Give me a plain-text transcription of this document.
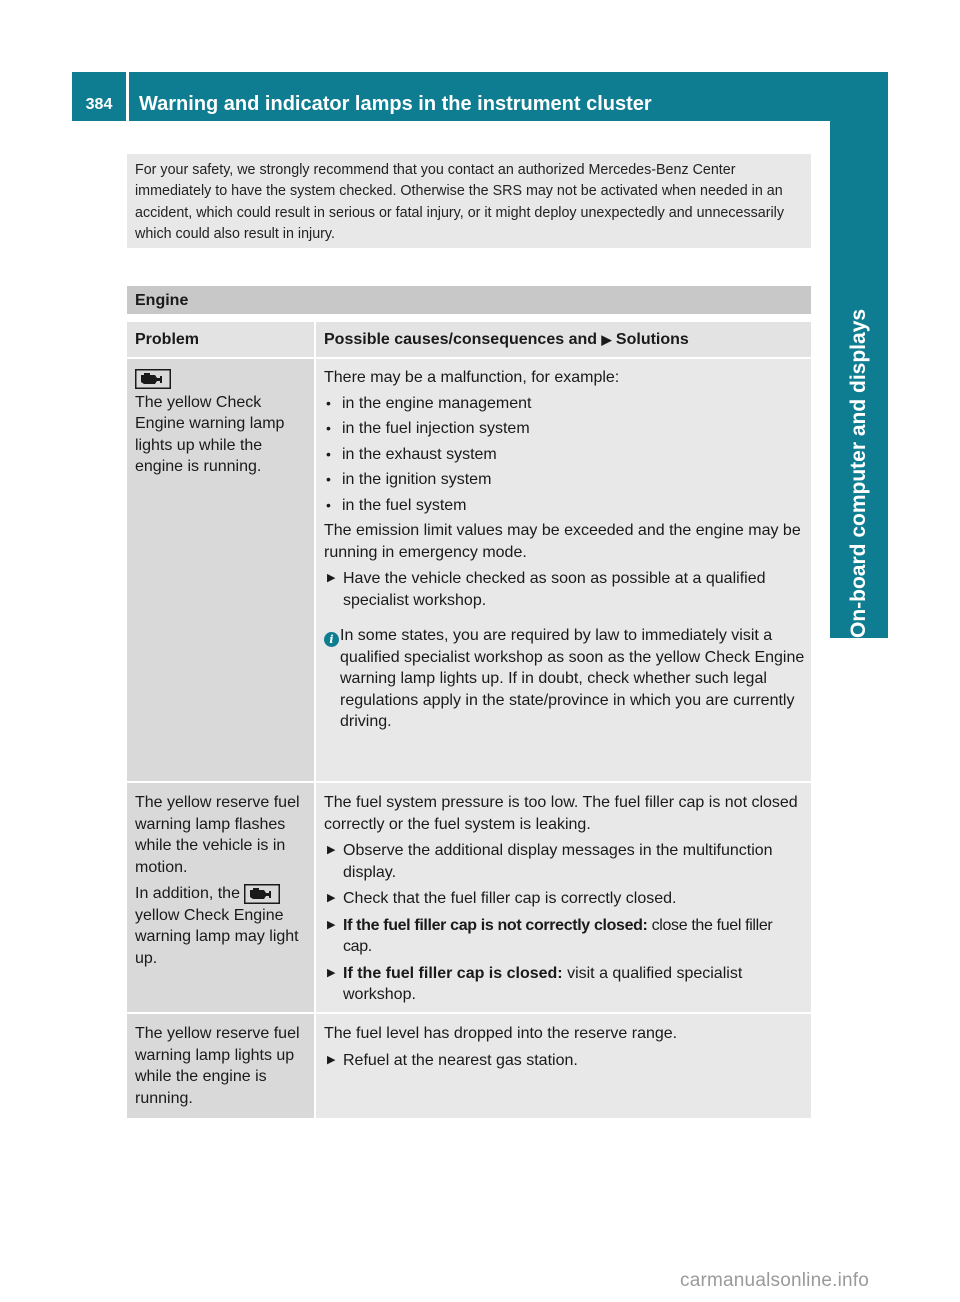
384	Warning and indicator lamps in the instrument cluster
On-board computer and displays
For your safety, we strongly recommend that you contact an authorized Mercedes-Benz Center immediately to have the system checked. Otherwise the SRS may not be activated when needed in an accident, which could result in serious or fatal injury, or it might deploy unexpectedly and unnecessarily which could also result in injury.
Engine
Problem	Possible causes/consequences and ▶ Solutions

The yellow Check Engine warning lamp lights up while the engine is running.

There may be a malfunction, for example:

• in the engine management
• in the fuel injection system
• in the exhaust system
• in the ignition system
• in the fuel system

The emission limit values may be exceeded and the engine may be running in emergency mode.

▶ Have the vehicle checked as soon as possible at a qualified specialist workshop.
i In some states, you are required by law to immediately visit a qualified specialist workshop as soon as the yellow Check Engine warning lamp lights up. If in doubt, check whether such legal regulations apply in the state/province in which you are currently driving.

The yellow reserve fuel warning lamp flashes while the vehicle is in motion.

In addition, the  yellow Check Engine warning lamp may light up.

The fuel system pressure is too low. The fuel filler cap is not closed correctly or the fuel system is leaking.

▶ Observe the additional display messages in the multifunction display.
▶ Check that the fuel filler cap is correctly closed.
▶ If the fuel filler cap is not correctly closed: close the fuel filler cap.
▶ If the fuel filler cap is closed: visit a qualified specialist workshop.

The yellow reserve fuel warning lamp lights up while the engine is running.

The fuel level has dropped into the reserve range.

▶ Refuel at the nearest gas station.
carmanualsonline.info
